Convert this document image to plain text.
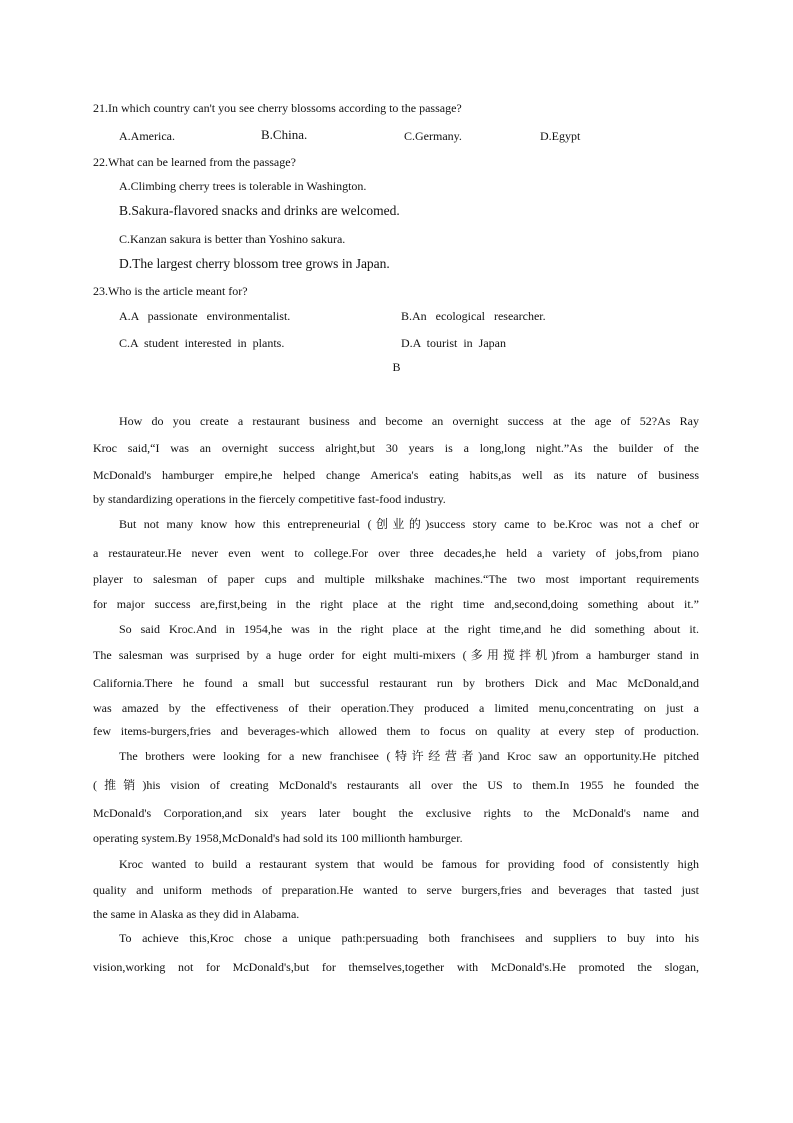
21.In which country can't you see cherry blossoms according to the passage?
A.America.	B.China.	C.Germany.	D.Egypt
22.What can be learned from the passage?
A.Climbing cherry trees is tolerable in Washington.
B.Sakura-flavored snacks and drinks are welcomed.
C.Kanzan sakura is better than Yoshino sakura.
D.The largest cherry blossom tree grows in Japan.
23.Who is the article meant for?
A.A passionate environmentalist.	B.An ecological researcher.
C.A student interested in plants.	D.A tourist in Japan
B
How do you create a restaurant business and become an overnight success at the age of 52?As Ray
Kroc said,“I was an overnight success alright,but 30 years is a long,long night.”As the builder of the
McDonald's hamburger empire,he helped change America's eating habits,as well as its nature of business
by standardizing operations in the fiercely competitive fast-food industry.
But not many know how this entrepreneurial (创业的)success story came to be.Kroc was not a chef or
a restaurateur.He never even went to college.For over three decades,he held a variety of jobs,from piano
player to salesman of paper cups and multiple milkshake machines.“The two most important requirements
for major success are,first,being in the right place at the right time and,second,doing something about it.”
So said Kroc.And in 1954,he was in the right place at the right time,and he did something about it.
The salesman was surprised by a huge order for eight multi-mixers (多用搅拌机)from a hamburger stand in
California.There he found a small but successful restaurant run by brothers Dick and Mac McDonald,and
was amazed by the effectiveness of their operation.They produced a limited menu,concentrating on just a
few items-burgers,fries and beverages-which allowed them to focus on quality at every step of production.
The brothers were looking for a new franchisee (特许经营者)and Kroc saw an opportunity.He pitched
(推销)his vision of creating McDonald's restaurants all over the US to them.In 1955 he founded the
McDonald's Corporation,and six years later bought the exclusive rights to the McDonald's name and
operating system.By 1958,McDonald's had sold its 100 millionth hamburger.
Kroc wanted to build a restaurant system that would be famous for providing food of consistently high
quality and uniform methods of preparation.He wanted to serve burgers,fries and beverages that tasted just
the same in Alaska as they did in Alabama.
To achieve this,Kroc chose a unique path:persuading both franchisees and suppliers to buy into his
vision,working not for McDonald's,but for themselves,together with McDonald's.He promoted the slogan,
